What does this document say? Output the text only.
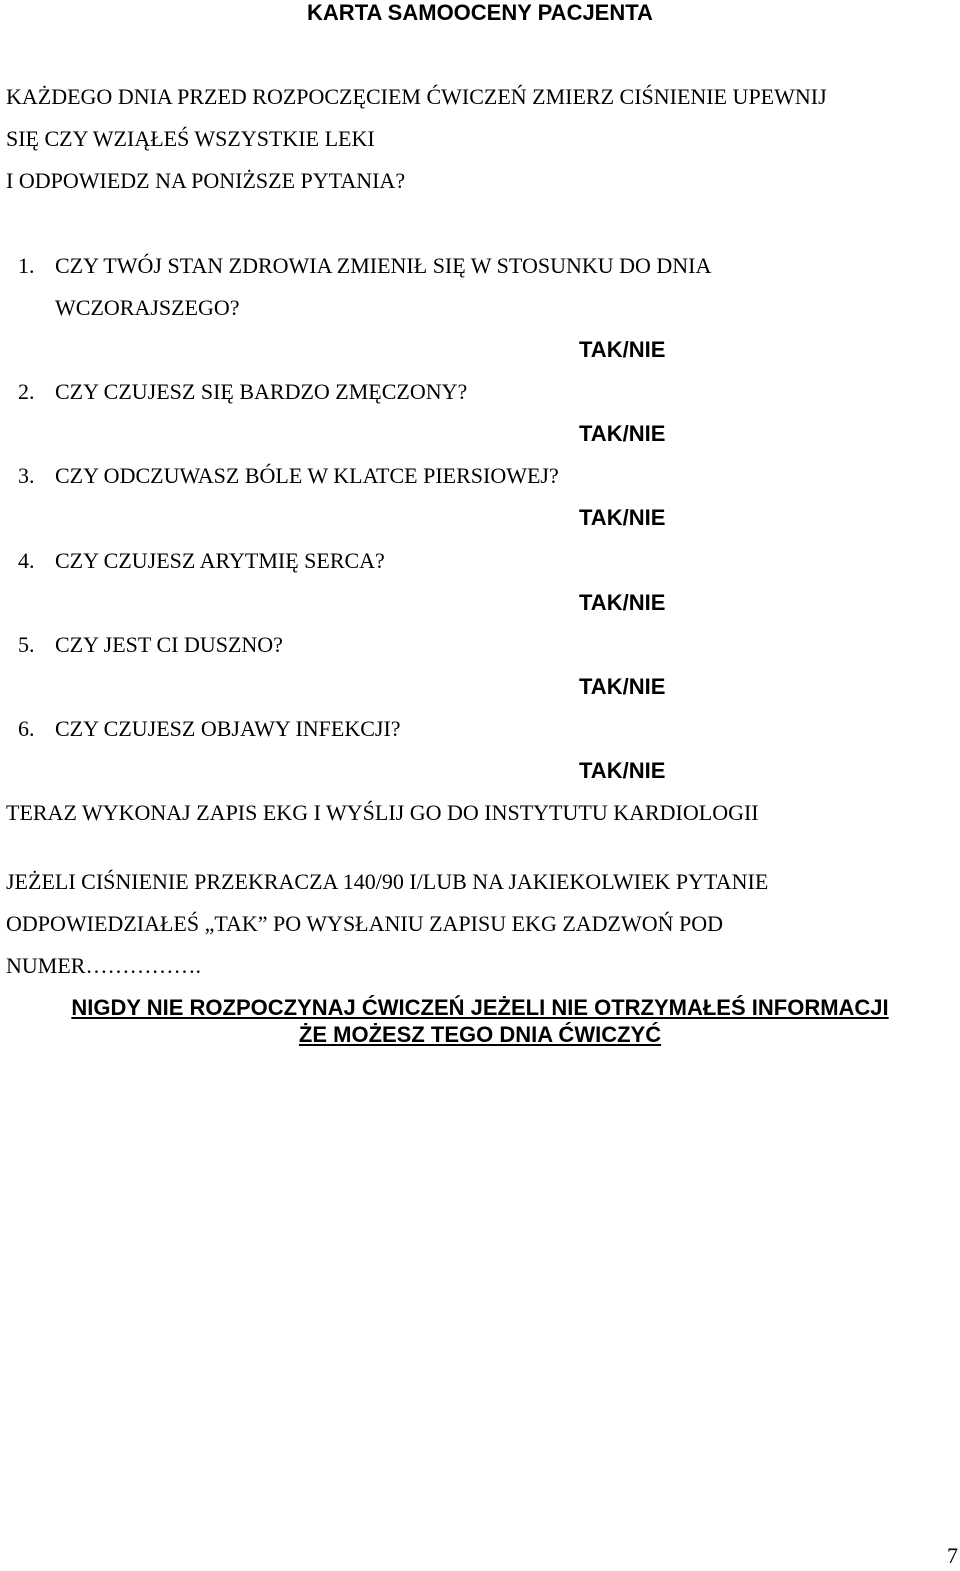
KARTA SAMOOCENY PACJENTA
KAŻDEGO DNIA PRZED ROZPOCZĘCIEM ĆWICZEŃ ZMIERZ CIŚNIENIE UPEWNIJ
SIĘ CZY WZIĄŁEŚ WSZYSTKIE LEKI
I ODPOWIEDZ NA PONIŻSZE PYTANIA?
1. CZY TWÓJ STAN ZDROWIA ZMIENIŁ SIĘ W STOSUNKU DO DNIA
WCZORAJSZEGO?
TAK/NIE
2. CZY CZUJESZ SIĘ BARDZO ZMĘCZONY?
TAK/NIE
3. CZY ODCZUWASZ BÓLE W KLATCE PIERSIOWEJ?
TAK/NIE
4. CZY CZUJESZ ARYTMIĘ SERCA?
TAK/NIE
5. CZY JEST CI DUSZNO?
TAK/NIE
6. CZY CZUJESZ OBJAWY INFEKCJI?
TAK/NIE
TERAZ WYKONAJ ZAPIS EKG I WYŚLIJ GO DO INSTYTUTU KARDIOLOGII
JEŻELI CIŚNIENIE PRZEKRACZA 140/90 I/LUB NA JAKIEKOLWIEK PYTANIE
ODPOWIEDZIAŁEŚ „TAK” PO WYSŁANIU ZAPISU EKG ZADZWOŃ POD
NUMER…………….
NIGDY NIE ROZPOCZYNAJ ĆWICZEŃ JEŻELI NIE OTRZYMAŁEŚ INFORMACJI
ŻE MOŻESZ TEGO DNIA ĆWICZYĆ
7
